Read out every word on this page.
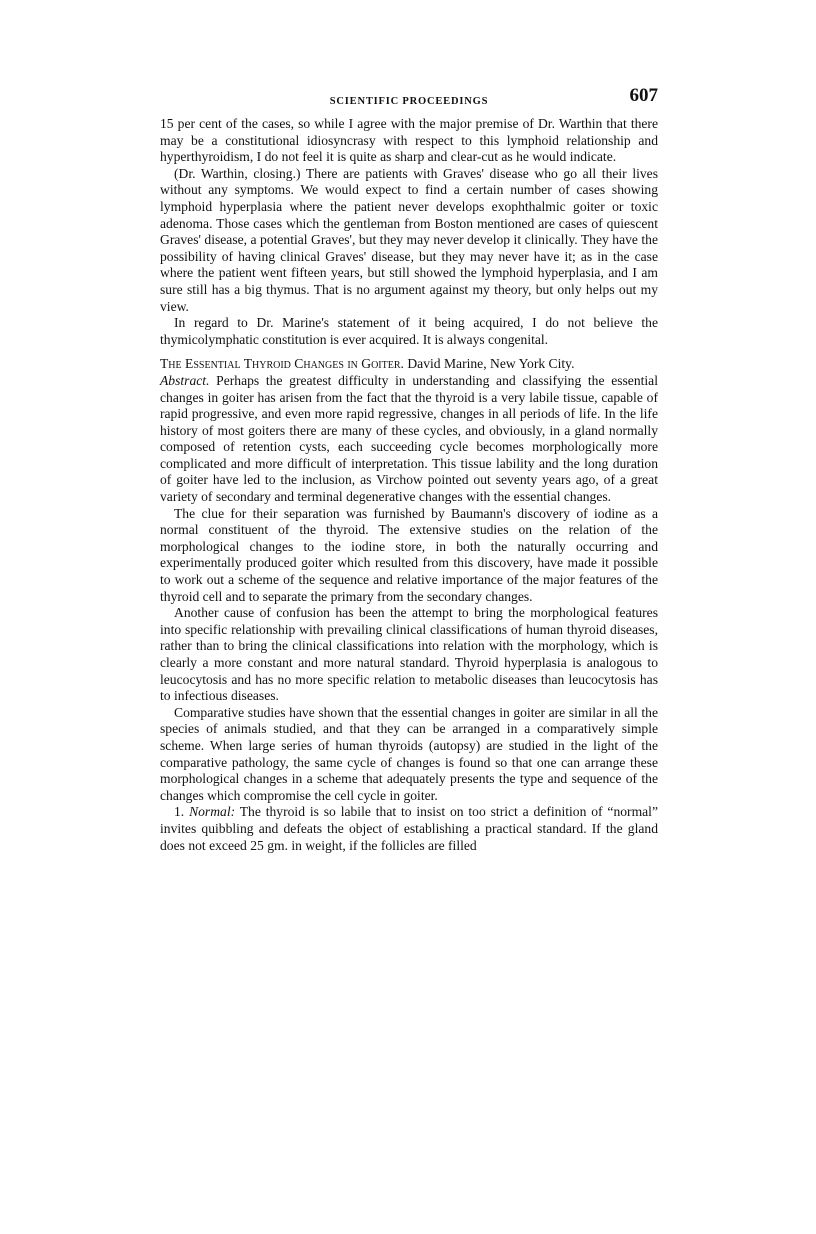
SCIENTIFIC PROCEEDINGS	607

15 per cent of the cases, so while I agree with the major premise of Dr. Warthin that there may be a constitutional idiosyncrasy with respect to this lymphoid relationship and hyperthyroidism, I do not feel it is quite as sharp and clear-cut as he would indicate.

(Dr. Warthin, closing.) There are patients with Graves' disease who go all their lives without any symptoms. We would expect to find a certain number of cases showing lymphoid hyperplasia where the patient never develops exophthalmic goiter or toxic adenoma. Those cases which the gentleman from Boston mentioned are cases of quiescent Graves' disease, a potential Graves', but they may never develop it clinically. They have the possibility of having clinical Graves' disease, but they may never have it; as in the case where the patient went fifteen years, but still showed the lymphoid hyperplasia, and I am sure still has a big thymus. That is no argument against my theory, but only helps out my view.

In regard to Dr. Marine's statement of it being acquired, I do not believe the thymicolymphatic constitution is ever acquired. It is always congenital.

The Essential Thyroid Changes in Goiter. David Marine, New York City.

Abstract. Perhaps the greatest difficulty in understanding and classifying the essential changes in goiter has arisen from the fact that the thyroid is a very labile tissue, capable of rapid progressive, and even more rapid regressive, changes in all periods of life. In the life history of most goiters there are many of these cycles, and obviously, in a gland normally composed of retention cysts, each succeeding cycle becomes morphologically more complicated and more difficult of interpretation. This tissue lability and the long duration of goiter have led to the inclusion, as Virchow pointed out seventy years ago, of a great variety of secondary and terminal degenerative changes with the essential changes.

The clue for their separation was furnished by Baumann's discovery of iodine as a normal constituent of the thyroid. The extensive studies on the relation of the morphological changes to the iodine store, in both the naturally occurring and experimentally produced goiter which resulted from this discovery, have made it possible to work out a scheme of the sequence and relative importance of the major features of the thyroid cell and to separate the primary from the secondary changes.

Another cause of confusion has been the attempt to bring the morphological features into specific relationship with prevailing clinical classifications of human thyroid diseases, rather than to bring the clinical classifications into relation with the morphology, which is clearly a more constant and more natural standard. Thyroid hyperplasia is analogous to leucocytosis and has no more specific relation to metabolic diseases than leucocytosis has to infectious diseases.

Comparative studies have shown that the essential changes in goiter are similar in all the species of animals studied, and that they can be arranged in a comparatively simple scheme. When large series of human thyroids (autopsy) are studied in the light of the comparative pathology, the same cycle of changes is found so that one can arrange these morphological changes in a scheme that adequately presents the type and sequence of the changes which compromise the cell cycle in goiter.

1. Normal: The thyroid is so labile that to insist on too strict a definition of “normal” invites quibbling and defeats the object of establishing a practical standard. If the gland does not exceed 25 gm. in weight, if the follicles are filled
